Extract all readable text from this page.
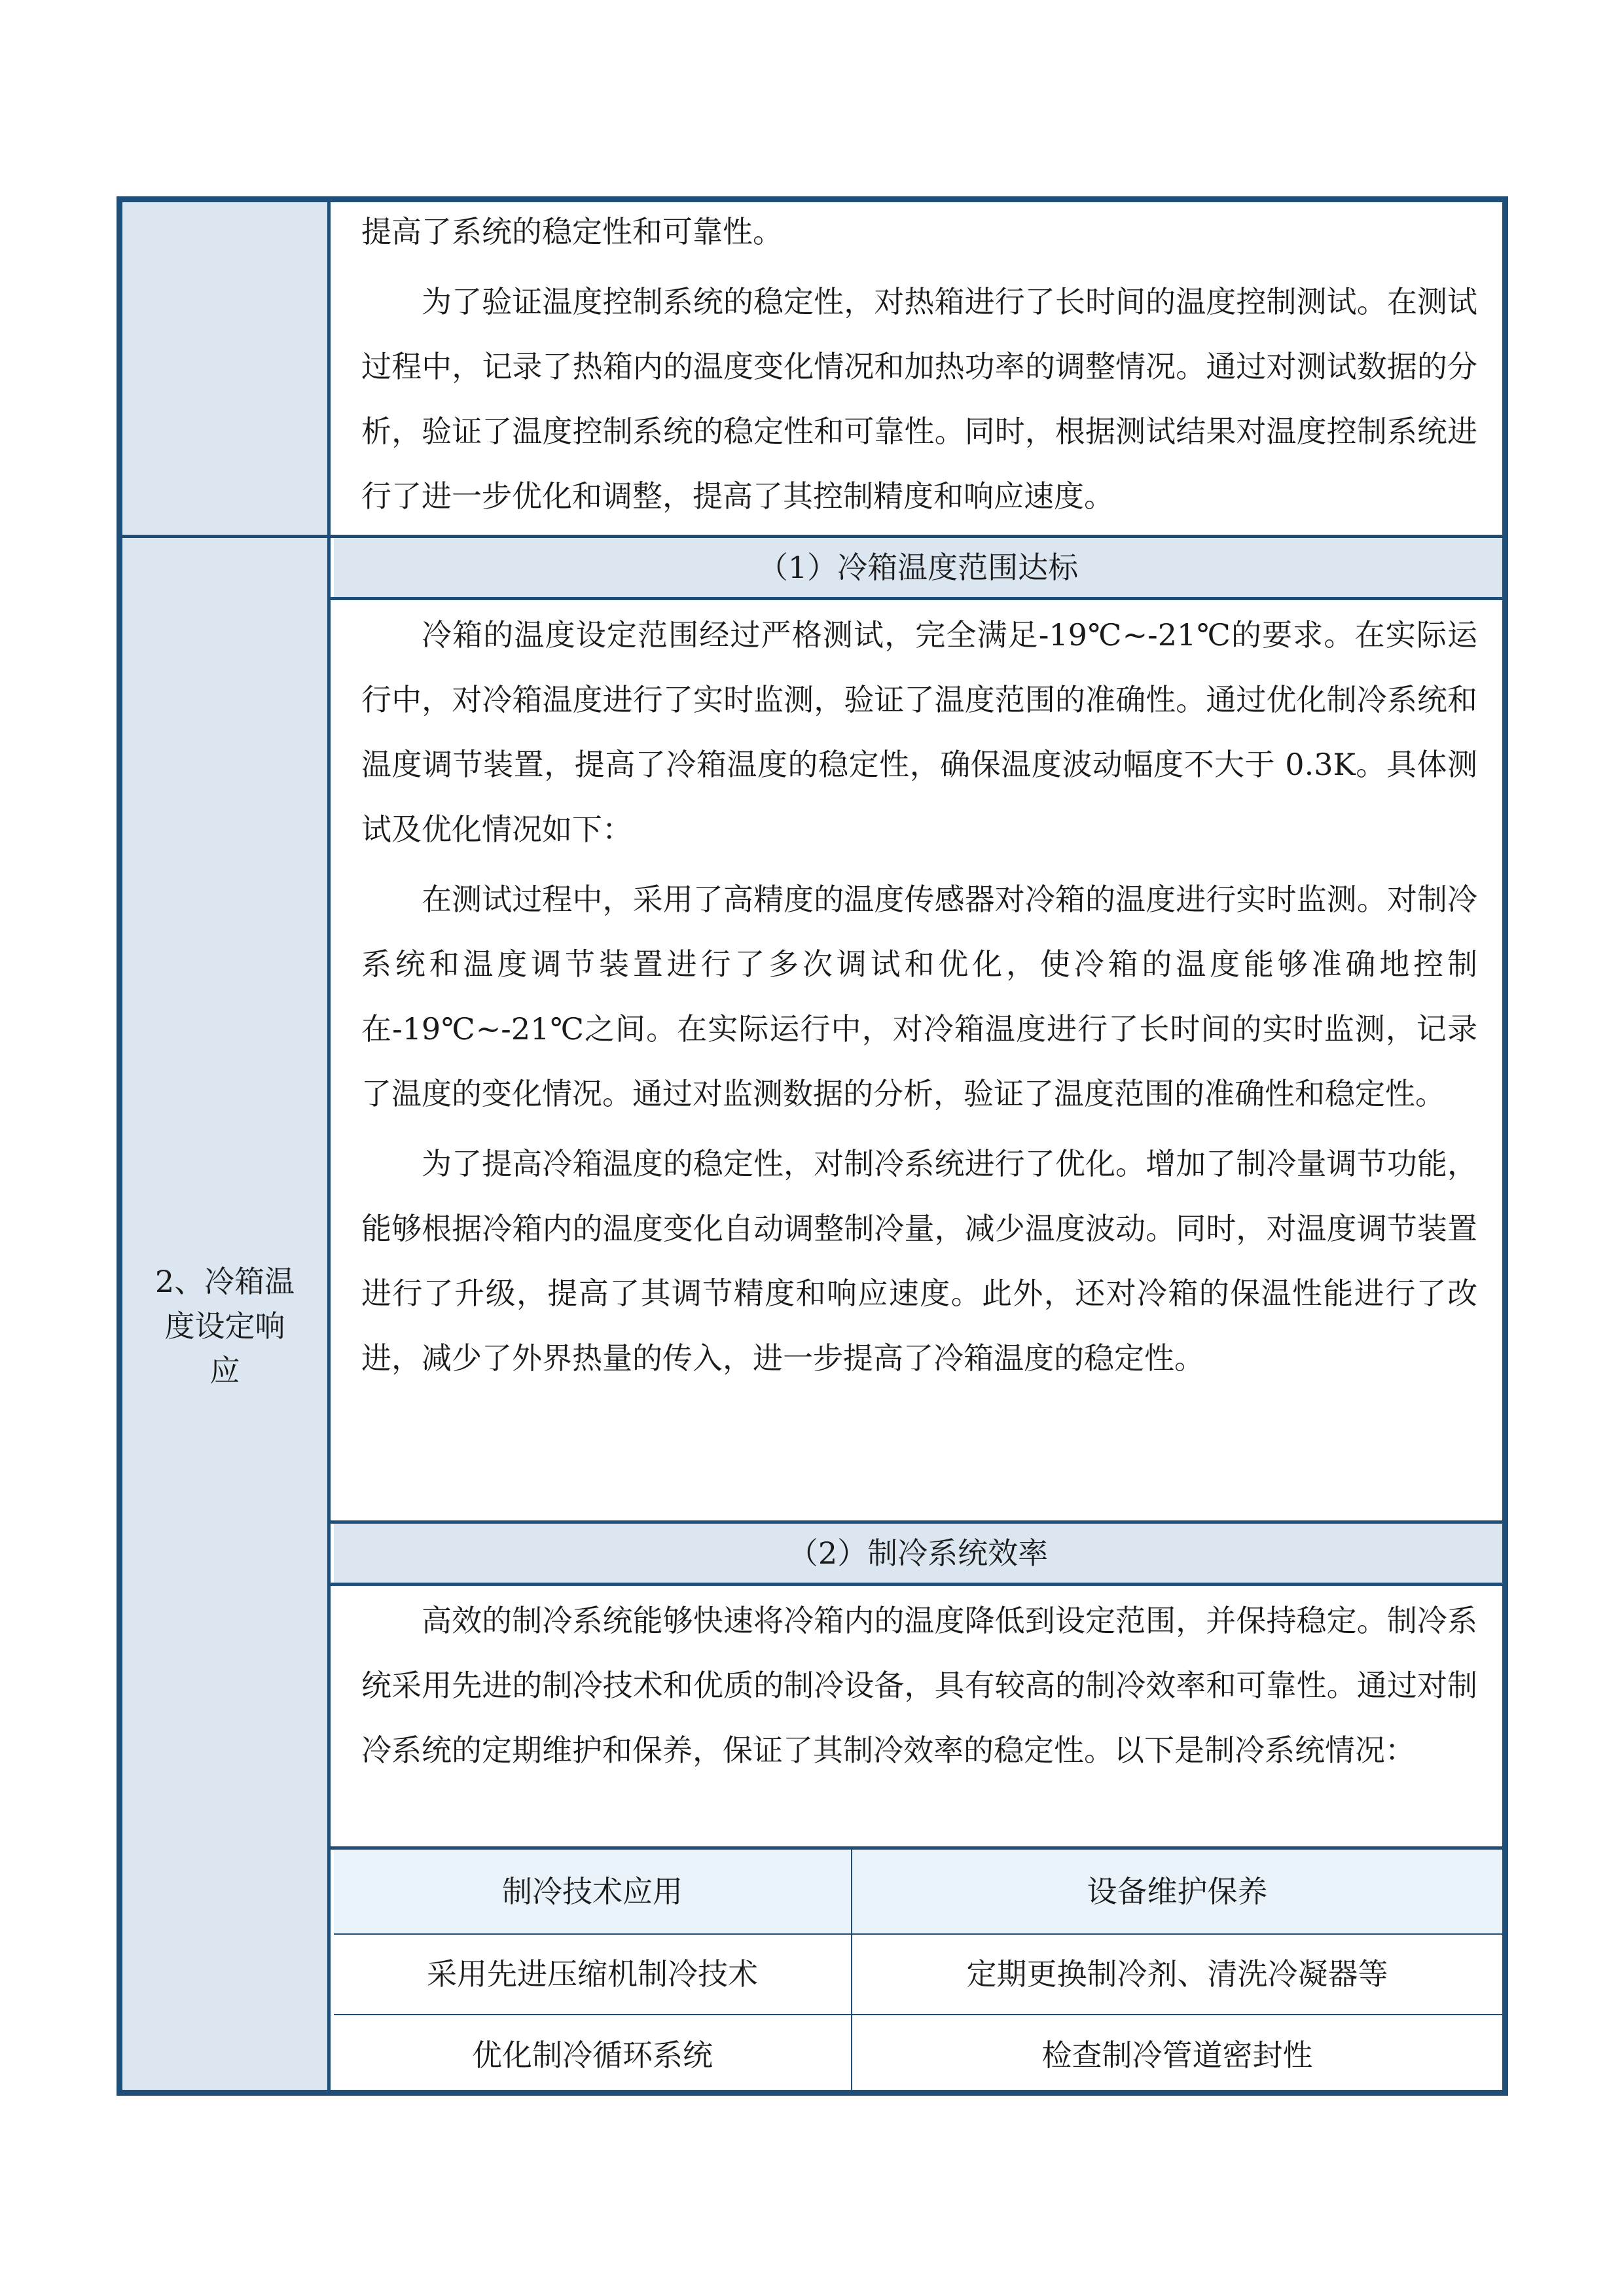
提高了系统的稳定性和可靠性。

为了验证温度控制系统的稳定性，对热箱进行了长时间的温度控制测试。在测试过程中，记录了热箱内的温度变化情况和加热功率的调整情况。通过对测试数据的分析，验证了温度控制系统的稳定性和可靠性。同时，根据测试结果对温度控制系统进行了进一步优化和调整，提高了其控制精度和响应速度。

2、冷箱温度设定响应
（1）冷箱温度范围达标

冷箱的温度设定范围经过严格测试，完全满足-19℃~-21℃的要求。在实际运行中，对冷箱温度进行了实时监测，验证了温度范围的准确性。通过优化制冷系统和温度调节装置，提高了冷箱温度的稳定性，确保温度波动幅度不大于 0.3K。具体测试及优化情况如下：

在测试过程中，采用了高精度的温度传感器对冷箱的温度进行实时监测。对制冷系统和温度调节装置进行了多次调试和优化，使冷箱的温度能够准确地控制在-19℃~-21℃之间。在实际运行中，对冷箱温度进行了长时间的实时监测，记录了温度的变化情况。通过对监测数据的分析，验证了温度范围的准确性和稳定性。

为了提高冷箱温度的稳定性，对制冷系统进行了优化。增加了制冷量调节功能，能够根据冷箱内的温度变化自动调整制冷量，减少温度波动。同时，对温度调节装置进行了升级，提高了其调节精度和响应速度。此外，还对冷箱的保温性能进行了改进，减少了外界热量的传入，进一步提高了冷箱温度的稳定性。

（2）制冷系统效率

高效的制冷系统能够快速将冷箱内的温度降低到设定范围，并保持稳定。制冷系统采用先进的制冷技术和优质的制冷设备，具有较高的制冷效率和可靠性。通过对制冷系统的定期维护和保养，保证了其制冷效率的稳定性。以下是制冷系统情况：

制冷技术应用	设备维护保养
采用先进压缩机制冷技术	定期更换制冷剂、清洗冷凝器等
优化制冷循环系统	检查制冷管道密封性
